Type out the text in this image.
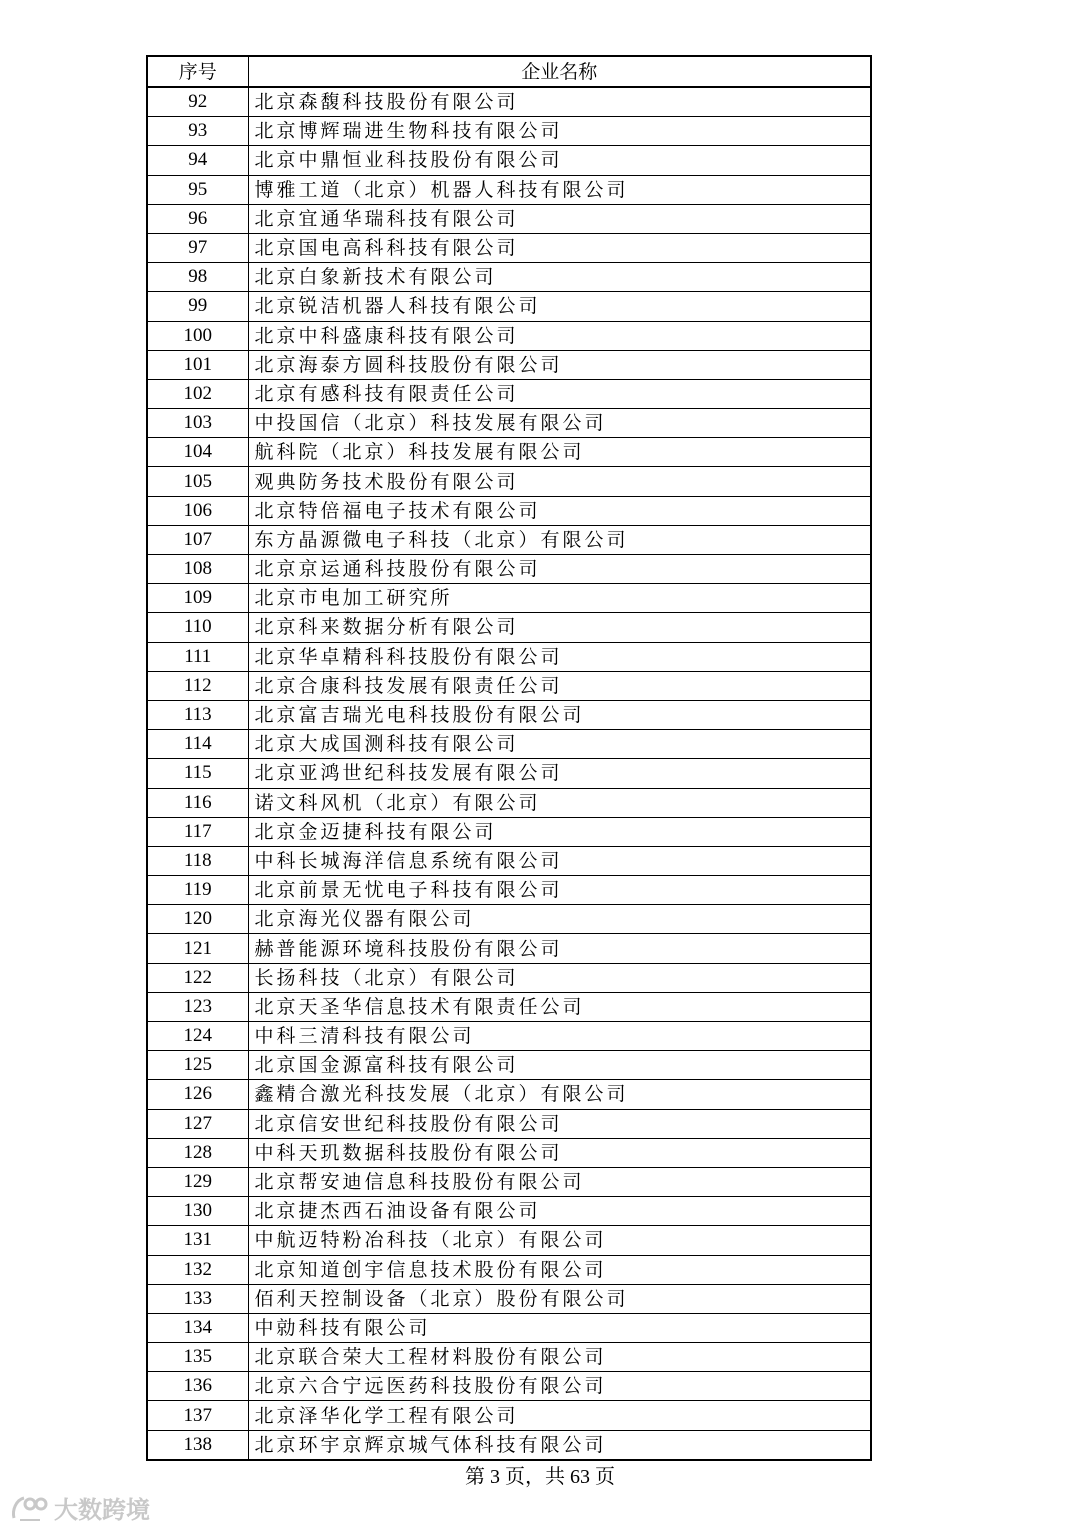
序号	企业名称
92	北京森馥科技股份有限公司
93	北京博辉瑞进生物科技有限公司
94	北京中鼎恒业科技股份有限公司
95	博雅工道（北京）机器人科技有限公司
96	北京宜通华瑞科技有限公司
97	北京国电高科科技有限公司
98	北京白象新技术有限公司
99	北京锐洁机器人科技有限公司
100	北京中科盛康科技有限公司
101	北京海泰方圆科技股份有限公司
102	北京有感科技有限责任公司
103	中投国信（北京）科技发展有限公司
104	航科院（北京）科技发展有限公司
105	观典防务技术股份有限公司
106	北京特倍福电子技术有限公司
107	东方晶源微电子科技（北京）有限公司
108	北京京运通科技股份有限公司
109	北京市电加工研究所
110	北京科来数据分析有限公司
111	北京华卓精科科技股份有限公司
112	北京合康科技发展有限责任公司
113	北京富吉瑞光电科技股份有限公司
114	北京大成国测科技有限公司
115	北京亚鸿世纪科技发展有限公司
116	诺文科风机（北京）有限公司
117	北京金迈捷科技有限公司
118	中科长城海洋信息系统有限公司
119	北京前景无忧电子科技有限公司
120	北京海光仪器有限公司
121	赫普能源环境科技股份有限公司
122	长扬科技（北京）有限公司
123	北京天圣华信息技术有限责任公司
124	中科三清科技有限公司
125	北京国金源富科技有限公司
126	鑫精合激光科技发展（北京）有限公司
127	北京信安世纪科技股份有限公司
128	中科天玑数据科技股份有限公司
129	北京帮安迪信息科技股份有限公司
130	北京捷杰西石油设备有限公司
131	中航迈特粉冶科技（北京）有限公司
132	北京知道创宇信息技术股份有限公司
133	佰利天控制设备（北京）股份有限公司
134	中勍科技有限公司
135	北京联合荣大工程材料股份有限公司
136	北京六合宁远医药科技股份有限公司
137	北京泽华化学工程有限公司
138	北京环宇京辉京城气体科技有限公司
第 3 页，共 63 页
大数跨境
